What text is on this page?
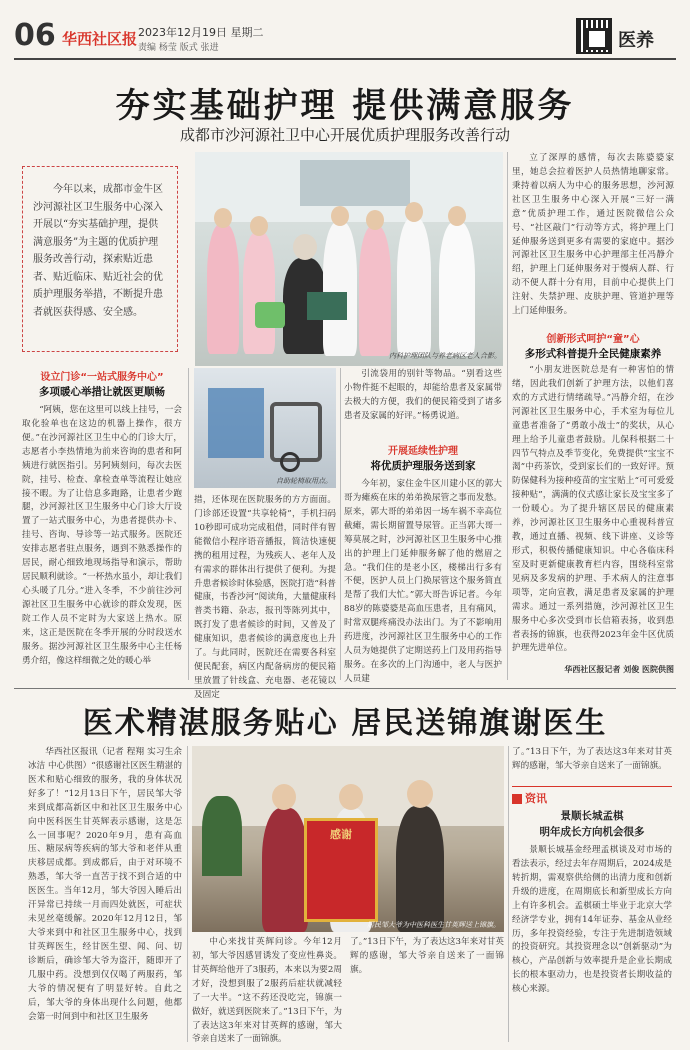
06 华西社区报 2023年12月19日 星期二
责编 杨莹 版式 张进	医养
夯实基础护理 提供满意服务
成都市沙河源社卫中心开展优质护理服务改善行动
今年以来，成都市金牛区沙河源社区卫生服务中心深入开展以“夯实基础护理，提供满意服务”为主题的优质护理服务改善行动，探索贴近患者、贴近临床、贴近社会的优质护理服务举措，不断提升患者就医获得感、安全感。
内科护理团队与养老病区老人合影。
立了深厚的感情，每次去陈婆婆家里，她总会拉着医护人员热情地聊家常。秉持着以病人为中心的服务思想，沙河源社区卫生服务中心深入开展“三好一满意”优质护理工作，通过医院微信公众号、“社区敲门”行动等方式，将护理上门延伸服务送到更多有需要的家庭中。据沙河源社区卫生服务中心护理部主任冯静介绍，护理上门延伸服务对于慢病人群、行动不便人群十分有用，目前中心提供上门注射、失禁护理、皮肤护理、管道护理等上门延伸服务。
创新形式呵护“童”心
多形式科普提升全民健康素养
“小朋友进医院总是有一种害怕的情绪，因此我们创新了护理方法，以他们喜欢的方式进行情绪疏导。”冯静介绍，在沙河源社区卫生服务中心，手术室为每位儿童患者准备了“勇敢小战士”的奖状，从心理上给予儿童患者鼓励。儿保科根据二十四节气特点及季节变化，免费提供“宝宝不渴”中药茶饮，受到家长们的一致好评。预防保健科为接种疫苗的宝宝贴上“可可爱爱接种贴”，满满的仪式感让家长及宝宝多了一份暖心。为了提升辖区居民的健康素养，沙河源社区卫生服务中心重视科普宣教，通过直播、视频、线下讲座、义诊等形式，积极传播健康知识。中心各临床科室及时更新健康教育栏内容，围绕科室常见病及多发病的护理、手术病人的注意事项等，定向宣教，满足患者及家属的护理需求。通过一系列措施，沙河源社区卫生服务中心多次受到市长信箱表扬，收到患者表扬的锦旗，也获得2023年金牛区优质护理先进单位。
华西社区报记者 刘俊 医院供图
设立门诊“一站式服务中心”
多项暖心举措让就医更顺畅
“阿姨，您在这里可以线上挂号，一会取化验单也在这边的机器上操作，很方便。”在沙河源社区卫生中心的门诊大厅，志愿者小李热情地为前来咨询的患者和阿姨进行就医指引。另阿姨刻问，每次去医院，挂号、检查、拿检查单等流程让她应接不暇。为了让信息多跑路，让患者少跑腿，沙河源社区卫生服务中心门诊大厅设置了一站式服务中心，为患者提供办卡、挂号、咨询、导诊等一站式服务。医院还安排志愿者驻点服务，遇到不熟悉操作的居民，耐心细致地现场指导和演示，帮助居民顺利就诊。“一杯热水虽小，却让我们心头暖了几分。”进入冬季，不少前往沙河源社区卫生服务中心就诊的群众发现，医院工作人员不定时为大家送上热水。原来，这正是医院在冬季开展的分时段送水服务。据沙河源社区卫生服务中心主任杨勇介绍，像这样细微之处的暖心举
自助轮椅取用点。
措，还体现在医院服务的方方面面。门诊部还设置“共享轮椅”，手机扫码10秒即可成功完成租借，同时伴有智能微信小程序语音播报，简洁快速便携的租用过程，为残疾人、老年人及有需求的群体出行提供了便利。为提升患者候诊时体验感，医院打造“科普健康，书香沙河”阅读角，大量健康科普类书籍、杂志，报刊等陈列其中，既打发了患者候诊的时间，又普及了健康知识，患者候诊的满意度也上升了。与此同时，医院还在需要各科室便民配套，病区内配备病房的便民箱里放置了针线盒、充电器、老花镜以及固定
引流袋用的别针等物品。“别看这些小物件挺不起眼的，却能给患者及家属带去极大的方便，我们的便民箱受到了诸多患者及家属的好评。”杨勇说道。
开展延续性护理
将优质护理服务送到家
今年初，家住金牛区川建小区的郭大哥为瘫痪在床的弟弟换尿管之事而发愁。原来，郭大哥的弟弟因一场车祸不幸高位截瘫，需长期留置导尿管。正当郭大哥一筹莫展之时，沙河源社区卫生服务中心推出的护理上门延伸服务解了他的燃眉之急。“我们住的是老小区，楼梯出行多有不便，医护人员上门换尿管这个服务简直是帮了我们大忙。”郭大哥告诉记者。今年88岁的陈婆婆是高血压患者，且有痛风，时常双腿疼痛没办法出门。为了不影响用药进度，沙河源社区卫生服务中心的工作人员为她提供了定期送药上门及用药指导服务。在多次的上门沟通中，老人与医护人员建
医术精湛服务贴心 居民送锦旗谢医生
华西社区报讯（记者 程翔 实习生余冰洁 中心供图）“很感谢社区医生精湛的医术和贴心细致的服务，我的身体状况好多了！”12月13日下午，居民邹大爷来到成都高新区中和社区卫生服务中心向中医科医生甘英辉表示感谢，这是怎么一回事呢？2020年9月，患有高血压、糖尿病等疾病的邹大爷和老伴从重庆移居成都。到成都后，由于对环境不熟悉，邹大爷一直苦于找不到合适的中医医生。当年12月，邹大爷因入睡后出汗异常已持续一月而四处就医，可症状未见丝毫缓解。2020年12月12日，邹大爷来到中和社区卫生服务中心，找到甘英辉医生，经甘医生望、闻、问、切诊断后，确诊邹大爷为盗汗，随即开了几服中药。没想到仅仅喝了两服药，邹大爷的情况便有了明显好转。自此之后，邹大爷的身体出现什么问题，他都会第一时间到中和社区卫生服务
感谢
居民邹大爷为中医科医生甘英辉送上锦旗。
中心来找甘英辉问诊。今年12月初，邹大爷因感冒诱发了变应性鼻炎。甘英辉给他开了3服药，本来以为要2周才好，没想到服了2服药后症状就减轻了一大半。“这不药还没吃完，锦旗一做好，就送到医院来了。”13日下午，为了表达这3年来对甘英辉的感谢，邹大爷亲自送来了一面锦旗。
了。”13日下午，为了表达这3年来对甘英辉的感谢，邹大爷亲自送来了一面锦旗。
了。”13日下午，为了表达这3年来对甘英辉的感谢，邹大爷亲自送来了一面锦旗。
资讯
景顺长城孟棋
明年成长方向机会很多
景顺长城基金经理孟棋谈及对市场的看法表示，经过去年存周期后，2024成是转折期，需观察供给侧的出清力度和创新升级的进度，在周期底长和新型成长方向上有许多机会。孟棋硕士毕业于北京大学经济学专业，拥有14年证券、基金从业经历，多年投资经验，专注于先进制造领域的投资研究。其投资理念以“创新驱动”为核心，产品创新与效率提升是企业长期成长的根本驱动力，也是投资者长期收益的核心来源。
